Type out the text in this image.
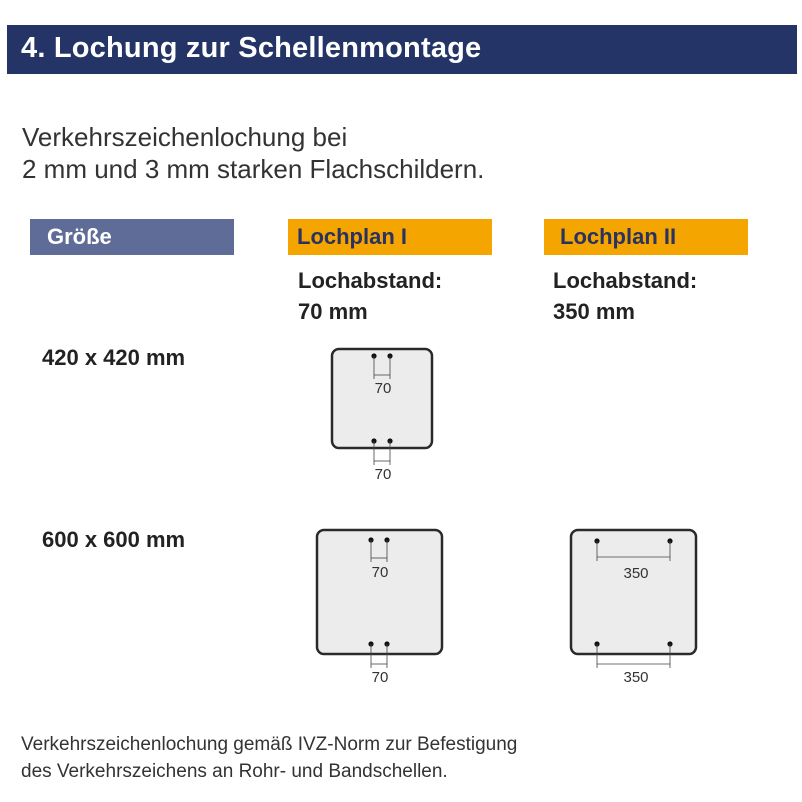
4. Lochung zur Schellenmontage
Verkehrszeichenlochung bei
2 mm und 3 mm starken Flachschildern.
Größe	Lochplan I	Lochplan II
Lochabstand:
70 mm
Lochabstand:
350 mm
420 x 420 mm
600 x 600 mm
70
70
70
70
350
350
Verkehrszeichenlochung gemäß IVZ-Norm zur Befestigung
des Verkehrszeichens an Rohr- und Bandschellen.
